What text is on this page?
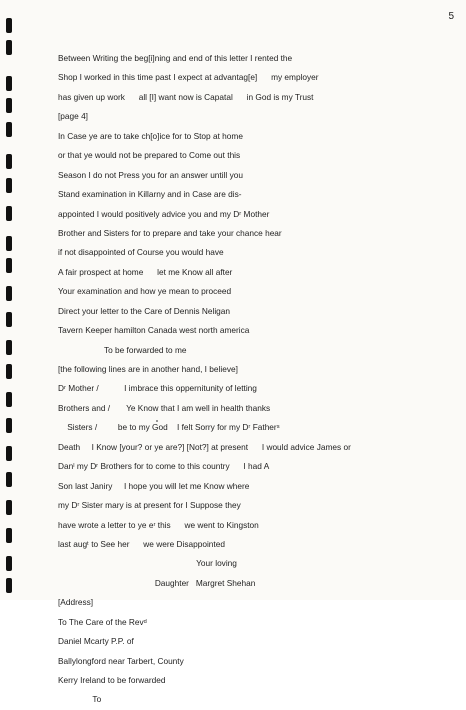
5
Between Writing the beg[i]ning and end of this letter I rented the
Shop I worked in this time past I expect at advantag[e]      my employer
has given up work      all [I] want now is Capatal      in God is my Trust
[page 4]
In Case ye are to take ch[o]ice for to Stop at home
or that ye would not be prepared to Come out this
Season I do not Press you for an answer untill you
Stand examination in Killarny and in Case are dis-
appointed I would positively advice you and my Dʳ Mother
Brother and Sisters for to prepare and take your chance hear
if not disappointed of Course you would have
A fair prospect at home      let me Know all after
Your examination and how ye mean to proceed
Direct your letter to the Care of Dennis Neligan
Tavern Keeper hamilton Canada west north america
To be forwarded to me
[the following lines are in another hand, I believe]
Dʳ Mother /           I imbrace this oppernitunity of letting
Brothers and /       Ye Know that I am well in health thanks
Sisters /         be to my God    I felt Sorry for my Dʳ Fatherˢ
Death     I Know [your? or ye are?] [Not?] at present      I would advice James or
Danˡ my Dʳ Brothers for to come to this country      I had A
Son last Janiry     I hope you will let me Know where
my Dʳ Sister mary is at present for I Suppose they
have wrote a letter to ye eʳ this      we went to Kingston
last augᵗ to See her      we were Disappointed
Your loving
Daughter   Margret Shehan
[Address]
To The Care of the Revᵈ
Daniel Mcarty P.P. of
Ballylongford near Tarbert, County
Kerry Ireland to be forwarded
To
